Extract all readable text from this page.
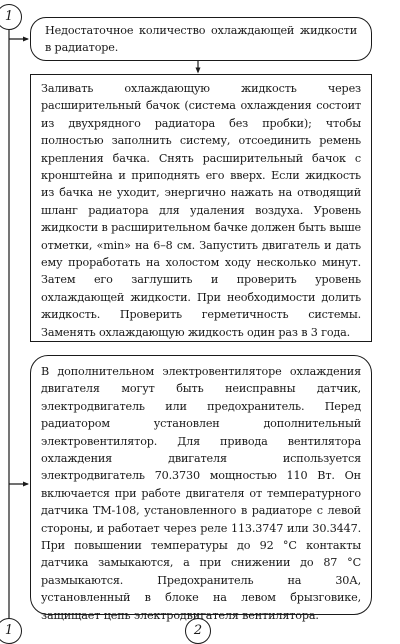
1
1	2
Недостаточное количество охлаждающей жидкости в радиаторе.
Заливать охлаждающую жидкость через расширительный бачок (система охлаждения состоит из двухрядного радиатора без пробки); чтобы полностью заполнить систему, отсоединить ремень крепления бачка. Снять расширительный бачок с кронштейна и приподнять его вверх. Если жидкость из бачка не уходит, энергично нажать на отводящий шланг радиатора для удаления воздуха. Уровень жидкости в расширительном бачке должен быть выше отметки, «min» на 6–8 см. Запустить двигатель и дать ему проработать на холостом ходу несколько минут. Затем его заглушить и проверить уровень охлаждающей жидкости. При необходимости долить жидкость. Проверить герметичность системы. Заменять охлаждающую жидкость один раз в 3 года.
В дополнительном электровентиляторе охлаждения двигателя могут быть неисправны датчик, электродвигатель или предохранитель. Перед радиатором установлен дополнительный электровентилятор. Для привода вентилятора охлаждения двигателя используется электродвигатель 70.3730 мощностью 110 Вт. Он включается при работе двигателя от температурного датчика ТМ-108, установленного в радиаторе с левой стороны, и работает через реле 113.3747 или 30.3447. При повышении температуры до 92 °С контакты датчика замыкаются, а при снижении до 87 °С размыкаются. Предохранитель на 30А, установленный в блоке на левом брызговике, защищает цепь электродвигателя вентилятора.
